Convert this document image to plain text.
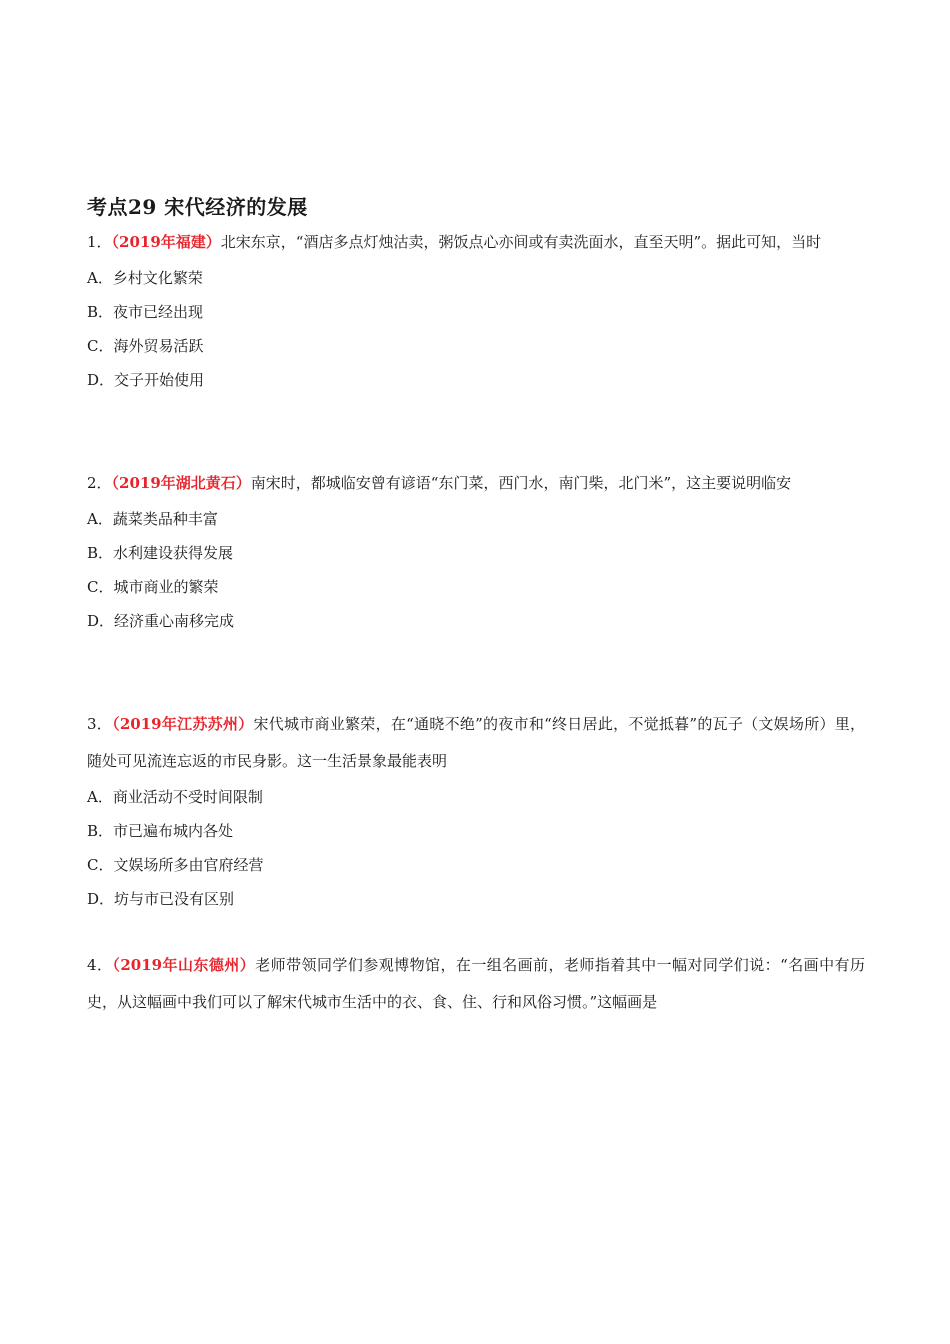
考点29 宋代经济的发展

1．（2019年福建）北宋东京，“酒店多点灯烛沽卖，粥饭点心亦间或有卖洗面水，直至天明”。据此可知，当时

A．乡村文化繁荣

B．夜市已经出现

C．海外贸易活跃

D．交子开始使用

2．（2019年湖北黄石）南宋时，都城临安曾有谚语“东门菜，西门水，南门柴，北门米”，这主要说明临安

A．蔬菜类品种丰富

B．水利建设获得发展

C．城市商业的繁荣

D．经济重心南移完成

3．（2019年江苏苏州）宋代城市商业繁荣，在“通晓不绝”的夜市和“终日居此，不觉抵暮”的瓦子（文娱场所）里，随处可见流连忘返的市民身影。这一生活景象最能表明

A．商业活动不受时间限制

B．市已遍布城内各处

C．文娱场所多由官府经营

D．坊与市已没有区别

4．（2019年山东德州）老师带领同学们参观博物馆，在一组名画前，老师指着其中一幅对同学们说：“名画中有历史，从这幅画中我们可以了解宋代城市生活中的衣、食、住、行和风俗习惯。”这幅画是
